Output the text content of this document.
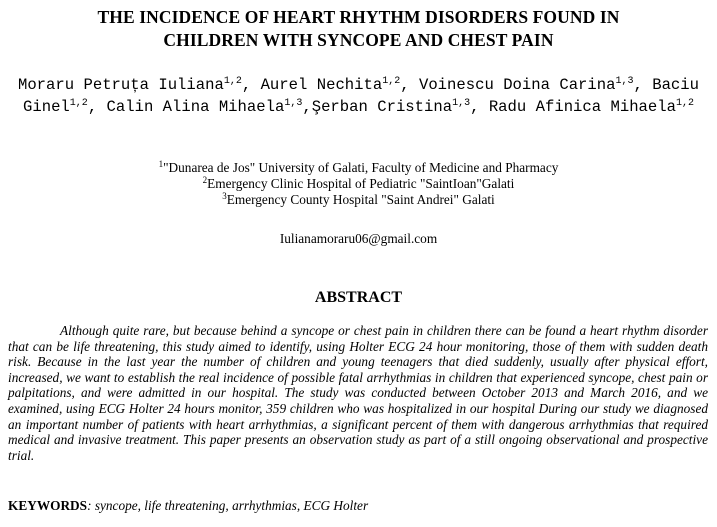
THE INCIDENCE OF HEART RHYTHM DISORDERS FOUND IN
CHILDREN WITH SYNCOPE AND CHEST PAIN
Moraru Petruța Iuliana$^{1,2}$, Aurel Nechita$^{1,2}$, Voinescu Doina Carina$^{1,3}$, Baciu Ginel$^{1,2}$, Calin Alina Mihaela$^{1,3}$,Şerban Cristina$^{1,3}$, Radu Afinica Mihaela$^{1,2}$
$^1$"Dunarea de Jos" University of Galati, Faculty of Medicine and Pharmacy
$^2$Emergency Clinic Hospital of Pediatric "SaintIoan"Galati
$^3$Emergency County Hospital "Saint Andrei" Galati
Iulianamoraru06@gmail.com
ABSTRACT
Although quite rare, but because behind a syncope or chest pain in children there can be found a heart rhythm disorder that can be life threatening, this study aimed to identify, using Holter ECG 24 hour monitoring, those of them with sudden death risk. Because in the last year the number of children and young teenagers that died suddenly, usually after physical effort, increased, we want to establish the real incidence of possible fatal arrhythmias in children that experienced syncope, chest pain or palpitations, and were admitted in our hospital. The study was conducted between October 2013 and March 2016, and we examined, using ECG Holter 24 hours monitor, 359 children who was hospitalized in our hospital During our study we diagnosed an important number of patients with heart arrhythmias, a significant percent of them with dangerous arrhythmias that required medical and invasive treatment. This paper presents an observation study as part of a still ongoing observational and prospective trial.
KEYWORDS: syncope, life threatening, arrhythmias, ECG Holter
